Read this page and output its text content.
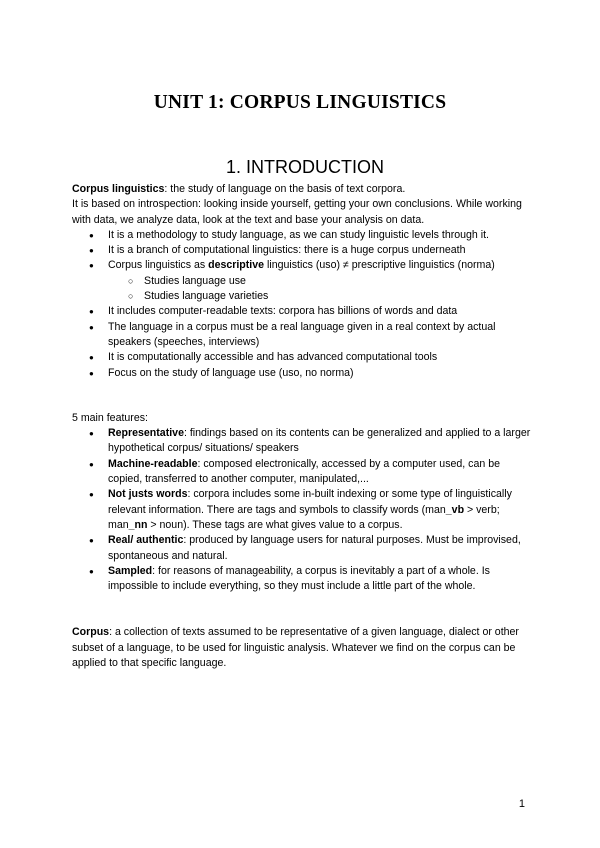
UNIT 1: CORPUS LINGUISTICS
1. INTRODUCTION

Corpus linguistics: the study of language on the basis of text corpora.

It is based on introspection: looking inside yourself, getting your own conclusions. While working with data, we analyze data, look at the text and base your analysis on data.

● It is a methodology to study language, as we can study linguistic levels through it.
● It is a branch of computational linguistics: there is a huge corpus underneath
● Corpus linguistics as descriptive linguistics (uso) ≠ prescriptive linguistics (norma)
○ Studies language use
○ Studies language varieties
● It includes computer-readable texts: corpora has billions of words and data
● The language in a corpus must be a real language given in a real context by actual speakers (speeches, interviews)
● It is computationally accessible and has advanced computational tools
● Focus on the study of language use (uso, no norma)

5 main features:

● Representative: findings based on its contents can be generalized and applied to a larger hypothetical corpus/ situations/ speakers
● Machine-readable: composed electronically, accessed by a computer used, can be copied, transferred to another computer, manipulated,...
● Not justs words: corpora includes some in-built indexing or some type of linguistically relevant information. There are tags and symbols to classify words (man_vb > verb; man_nn > noun). These tags are what gives value to a corpus.
● Real/ authentic: produced by language users for natural purposes. Must be improvised, spontaneous and natural.
● Sampled: for reasons of manageability, a corpus is inevitably a part of a whole. Is impossible to include everything, so they must include a little part of the whole.

Corpus: a collection of texts assumed to be representative of a given language, dialect or other subset of a language, to be used for linguistic analysis. Whatever we find on the corpus can be applied to that specific language.

1
